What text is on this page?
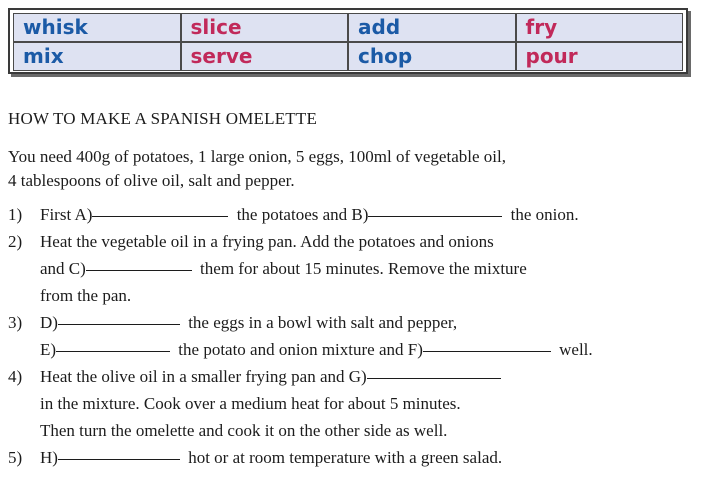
whisk	slice	add	fry
mix	serve	chop	pour
HOW TO MAKE A SPANISH OMELETTE
You need 400g of potatoes, 1 large onion, 5 eggs, 100ml of vegetable oil,
4 tablespoons of olive oil, salt and pepper.
1) First A)	the potatoes and B)	the onion.
2) Heat the vegetable oil in a frying pan. Add the potatoes and onions
and C)	them for about 15 minutes. Remove the mixture
from the pan.
3) D)	the eggs in a bowl with salt and pepper,
E)	the potato and onion mixture and F)	well.
4) Heat the olive oil in a smaller frying pan and G)
in the mixture. Cook over a medium heat for about 5 minutes.
Then turn the omelette and cook it on the other side as well.
5) H)	hot or at room temperature with a green salad.
